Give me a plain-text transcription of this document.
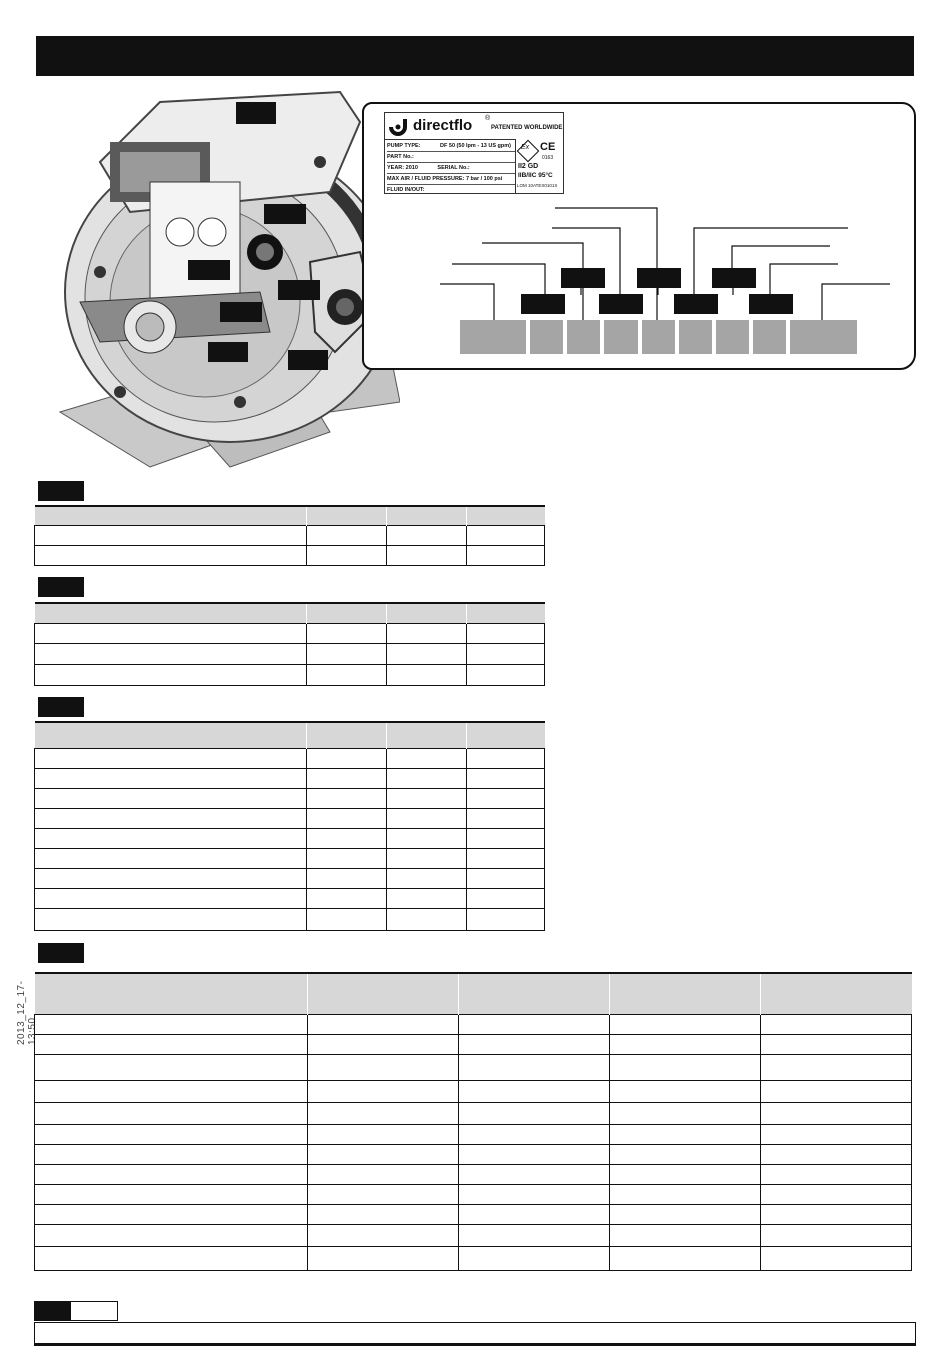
2013_12_17-13:50
directflo ®
PATENTED WORLDWIDE
PUMP TYPE:	DF 50 (50 lpm - 13 US gpm)
PART No.:
YEAR: 2010	SERIAL No.:
MAX AIR / FLUID PRESSURE: 7 bar / 100 psi
FLUID IN/OUT:
Ex CE
0163
II2 GD
IIB/IIC 95°C
LOM 10ATEX0101X
